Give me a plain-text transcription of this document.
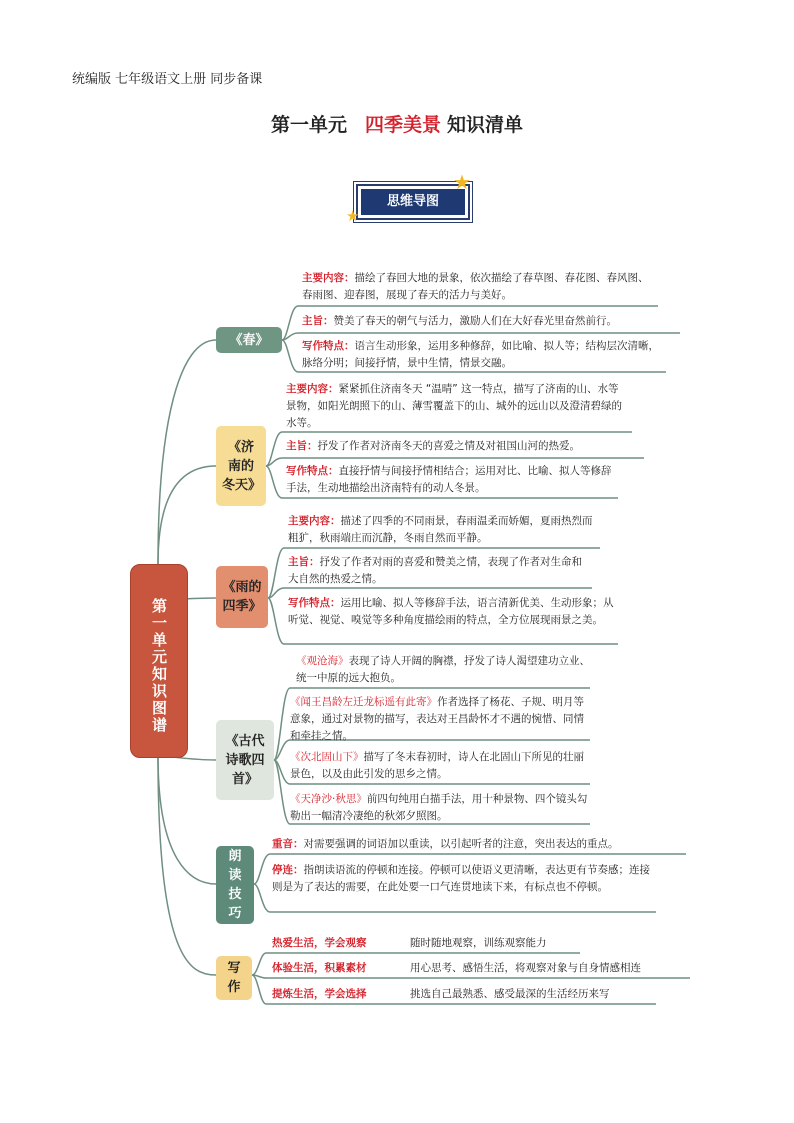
统编版 七年级语文上册 同步备课
第一单元 四季美景 知识清单
思维导图
★
★
第一单元知识图谱
《春》
《济南的冬天》
《雨的四季》
《古代诗歌四首》
朗读技巧
写作
主要内容：描绘了春回大地的景象，依次描绘了春草图、春花图、春风图、春雨图、迎春图，展现了春天的活力与美好。
主旨：赞美了春天的朝气与活力，激励人们在大好春光里奋然前行。
写作特点：语言生动形象，运用多种修辞，如比喻、拟人等；结构层次清晰，脉络分明；间接抒情，景中生情，情景交融。
主要内容：紧紧抓住济南冬天 “温晴” 这一特点，描写了济南的山、水等景物，如阳光朗照下的山、薄雪覆盖下的山、城外的远山以及澄清碧绿的水等。
主旨：抒发了作者对济南冬天的喜爱之情及对祖国山河的热爱。
写作特点：直接抒情与间接抒情相结合；运用对比、比喻、拟人等修辞手法，生动地描绘出济南特有的动人冬景。
主要内容：描述了四季的不同雨景，春雨温柔而娇媚，夏雨热烈而粗犷，秋雨端庄而沉静，冬雨自然而平静。
主旨：抒发了作者对雨的喜爱和赞美之情，表现了作者对生命和大自然的热爱之情。
写作特点：运用比喻、拟人等修辞手法，语言清新优美、生动形象；从听觉、视觉、嗅觉等多种角度描绘雨的特点，全方位展现雨景之美。
《观沧海》表现了诗人开阔的胸襟，抒发了诗人渴望建功立业、统一中原的远大抱负。
《闻王昌龄左迁龙标遥有此寄》作者选择了杨花、子规、明月等意象，通过对景物的描写，表达对王昌龄怀才不遇的惋惜、同情和牵挂之情。
《次北固山下》描写了冬末春初时，诗人在北固山下所见的壮丽景色，以及由此引发的思乡之情。
《天净沙·秋思》前四句纯用白描手法，用十种景物、四个镜头勾勒出一幅清冷凄绝的秋郊夕照图。
重音：对需要强调的词语加以重读，以引起听者的注意，突出表达的重点。
停连：指朗读语流的停顿和连接。停顿可以使语义更清晰，表达更有节奏感；连接则是为了表达的需要，在此处要一口气连贯地读下来，有标点也不停顿。
热爱生活，学会观察	随时随地观察，训练观察能力
体验生活，积累素材	用心思考、感悟生活，将观察对象与自身情感相连
提炼生活，学会选择	挑选自己最熟悉、感受最深的生活经历来写
